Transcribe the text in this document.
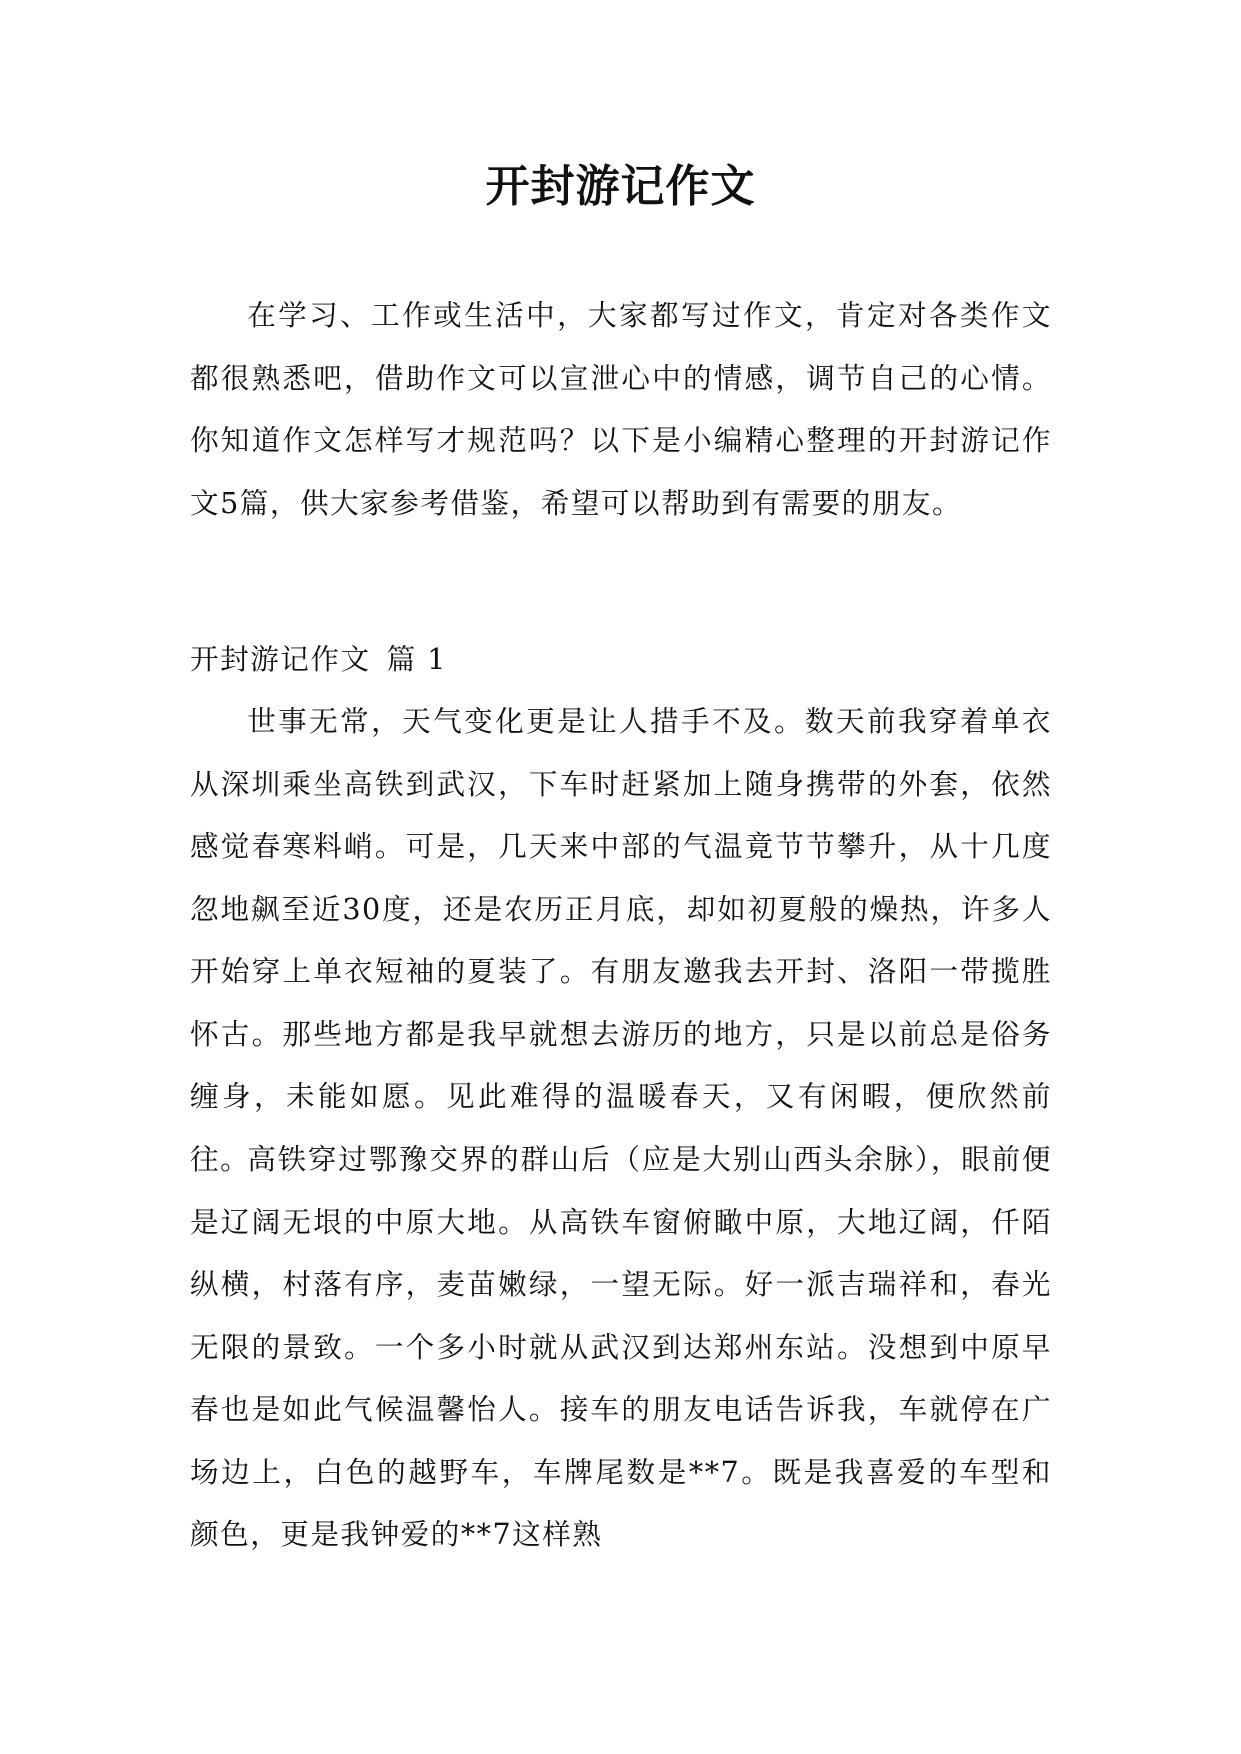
开封游记作文

在学习、工作或生活中，大家都写过作文，肯定对各类作文都很熟悉吧，借助作文可以宣泄心中的情感，调节自己的心情。你知道作文怎样写才规范吗？以下是小编精心整理的开封游记作文5篇，供大家参考借鉴，希望可以帮助到有需要的朋友。

开封游记作文 篇 1

世事无常，天气变化更是让人措手不及。数天前我穿着单衣从深圳乘坐高铁到武汉，下车时赶紧加上随身携带的外套，依然感觉春寒料峭。可是，几天来中部的气温竟节节攀升，从十几度忽地飙至近30度，还是农历正月底，却如初夏般的燥热，许多人开始穿上单衣短袖的夏装了。有朋友邀我去开封、洛阳一带揽胜怀古。那些地方都是我早就想去游历的地方，只是以前总是俗务缠身，未能如愿。见此难得的温暖春天，又有闲暇，便欣然前往。

高铁穿过鄂豫交界的群山后（应是大别山西头余脉），眼前便是辽阔无垠的中原大地。从高铁车窗俯瞰中原，大地辽阔，仟陌纵横，村落有序，麦苗嫩绿，一望无际。好一派吉瑞祥和，春光无限的景致。一个多小时就从武汉到达郑州东站。没想到中原早春也是如此气候温馨怡人。接车的朋友电话告诉我，车就停在广场边上，白色的越野车，车牌尾数是**7。既是我喜爱的车型和颜色，更是我钟爱的**7这样熟
